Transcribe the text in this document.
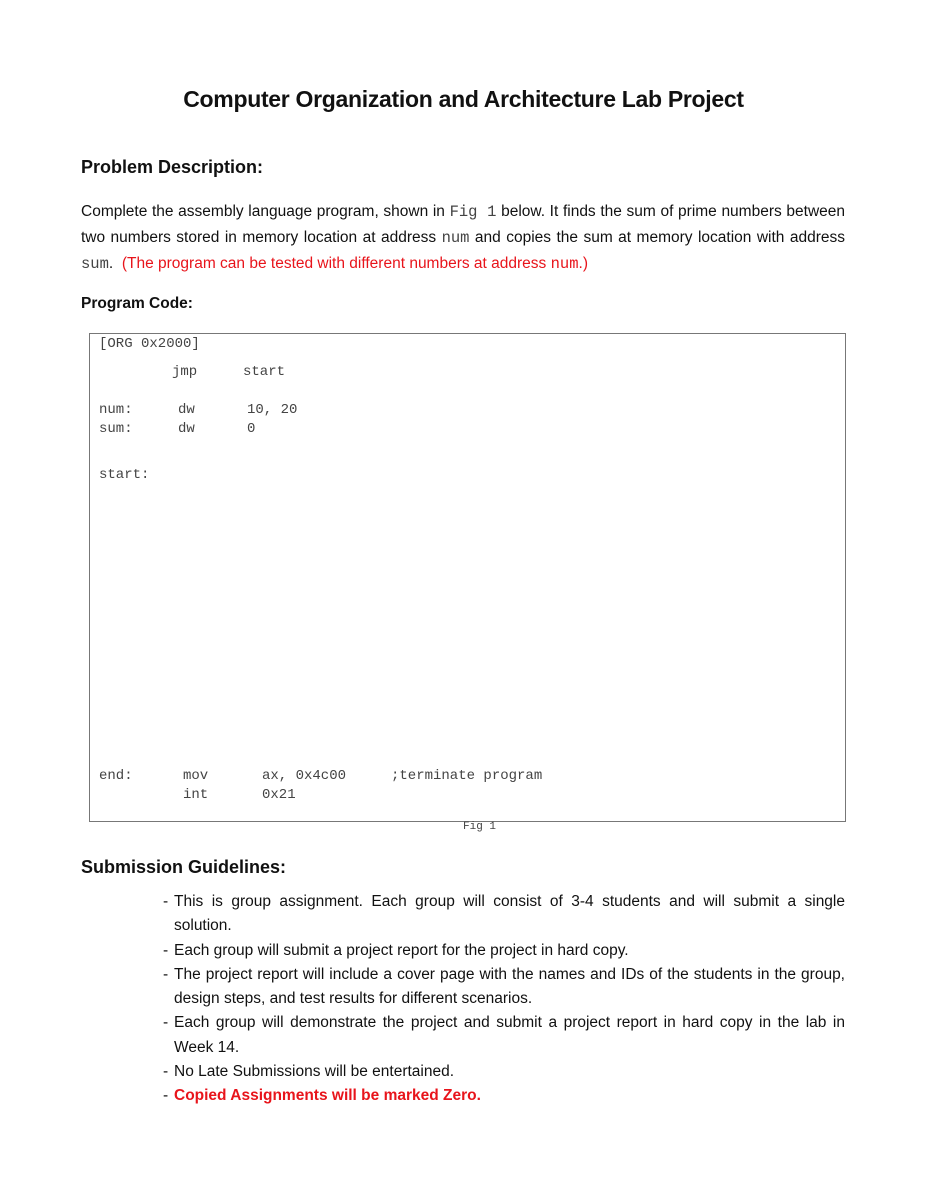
Computer Organization and Architecture Lab Project
Problem Description:
Complete the assembly language program, shown in Fig 1 below. It finds the sum of prime numbers between two numbers stored in memory location at address num and copies the sum at memory location with address sum. (The program can be tested with different numbers at address num.)
Program Code:
[ORG 0x2000]
jmp	start
num:	dw	10, 20
sum:	dw	0
start:
end:	mov	ax, 0x4c00	;terminate program
int	0x21
Fig 1
Submission Guidelines:
- This is group assignment. Each group will consist of 3-4 students and will submit a single solution.
- Each group will submit a project report for the project in hard copy.
- The project report will include a cover page with the names and IDs of the students in the group, design steps, and test results for different scenarios.
- Each group will demonstrate the project and submit a project report in hard copy in the lab in Week 14.
- No Late Submissions will be entertained.
- Copied Assignments will be marked Zero.
